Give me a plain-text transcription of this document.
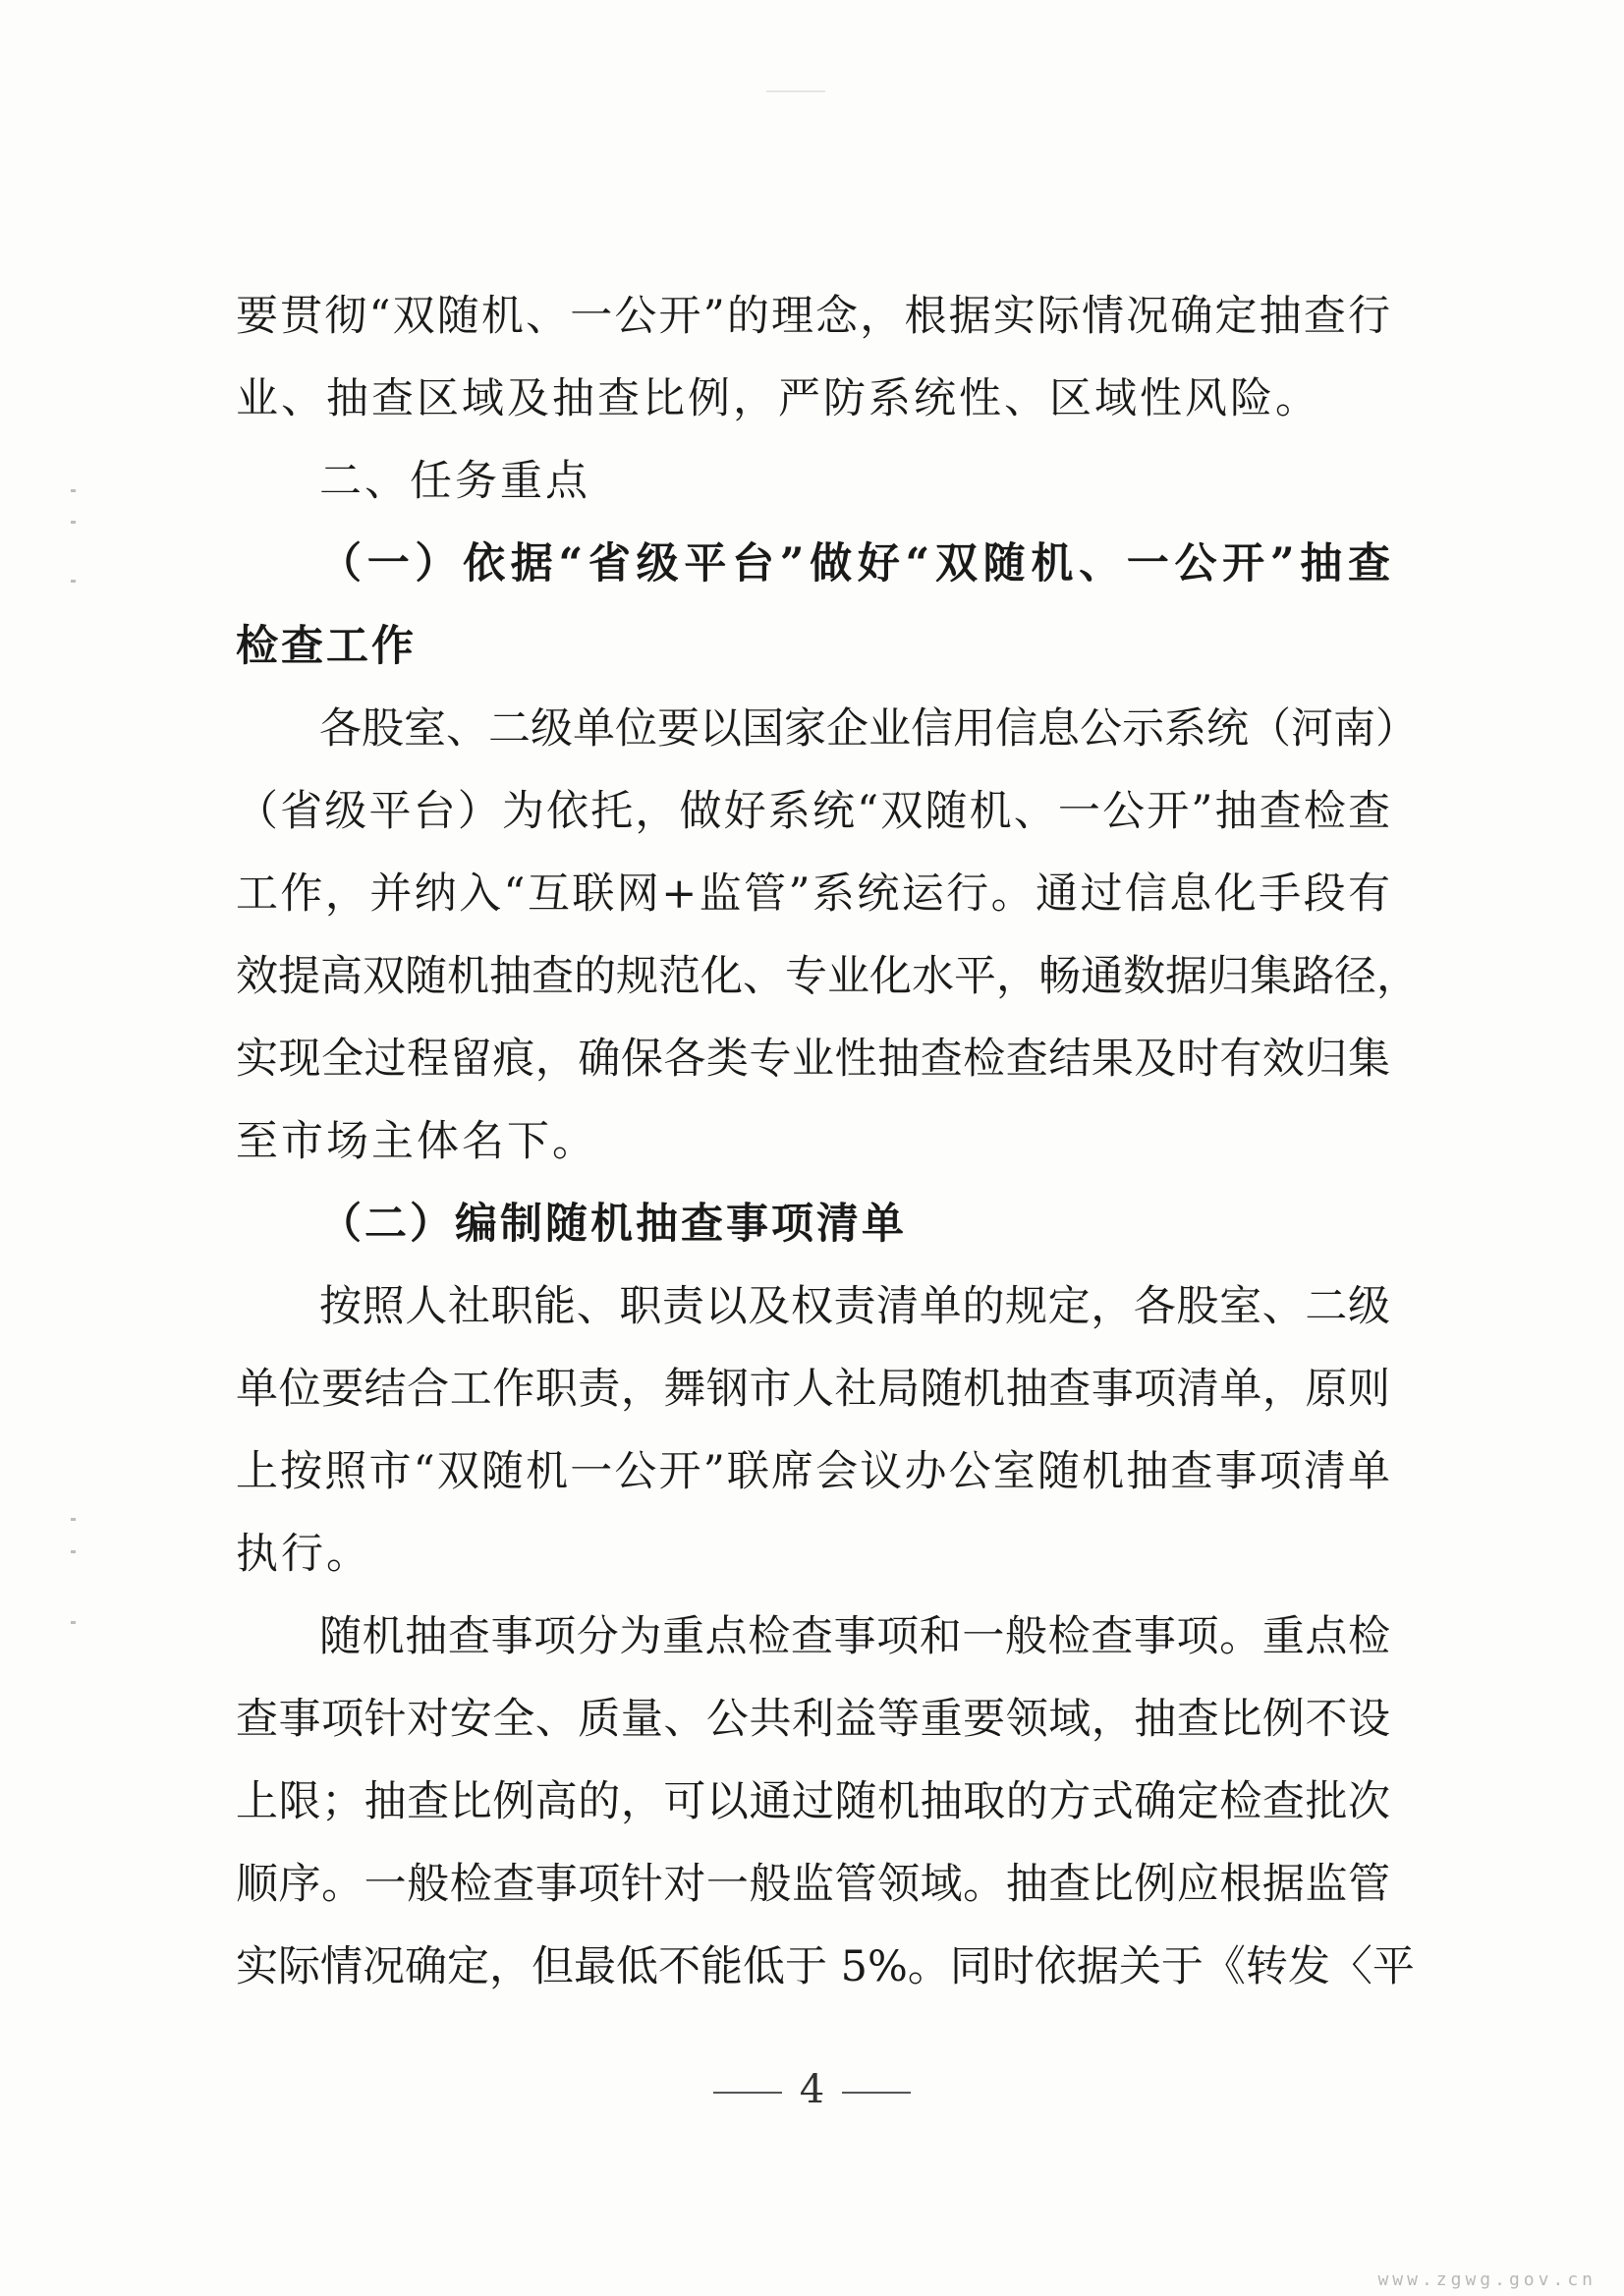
要贯彻“双随机、一公开”的理念，根据实际情况确定抽查行
业、抽查区域及抽查比例，严防系统性、区域性风险。
二、任务重点
（一）依据“省级平台”做好“双随机、一公开”抽查
检查工作
各股室、二级单位要以国家企业信用信息公示系统（河南）
（省级平台）为依托，做好系统“双随机、一公开”抽查检查
工作，并纳入“互联网+监管”系统运行。通过信息化手段有
效提高双随机抽查的规范化、专业化水平，畅通数据归集路径，
实现全过程留痕，确保各类专业性抽查检查结果及时有效归集
至市场主体名下。
（二）编制随机抽查事项清单
按照人社职能、职责以及权责清单的规定，各股室、二级
单位要结合工作职责，舞钢市人社局随机抽查事项清单，原则
上按照市“双随机一公开”联席会议办公室随机抽查事项清单
执行。
随机抽查事项分为重点检查事项和一般检查事项。重点检
查事项针对安全、质量、公共利益等重要领域，抽查比例不设
上限；抽查比例高的，可以通过随机抽取的方式确定检查批次
顺序。一般检查事项针对一般监管领域。抽查比例应根据监管
实际情况确定，但最低不能低于 5%。同时依据关于《转发〈平
4
www.zgwg.gov.cn
